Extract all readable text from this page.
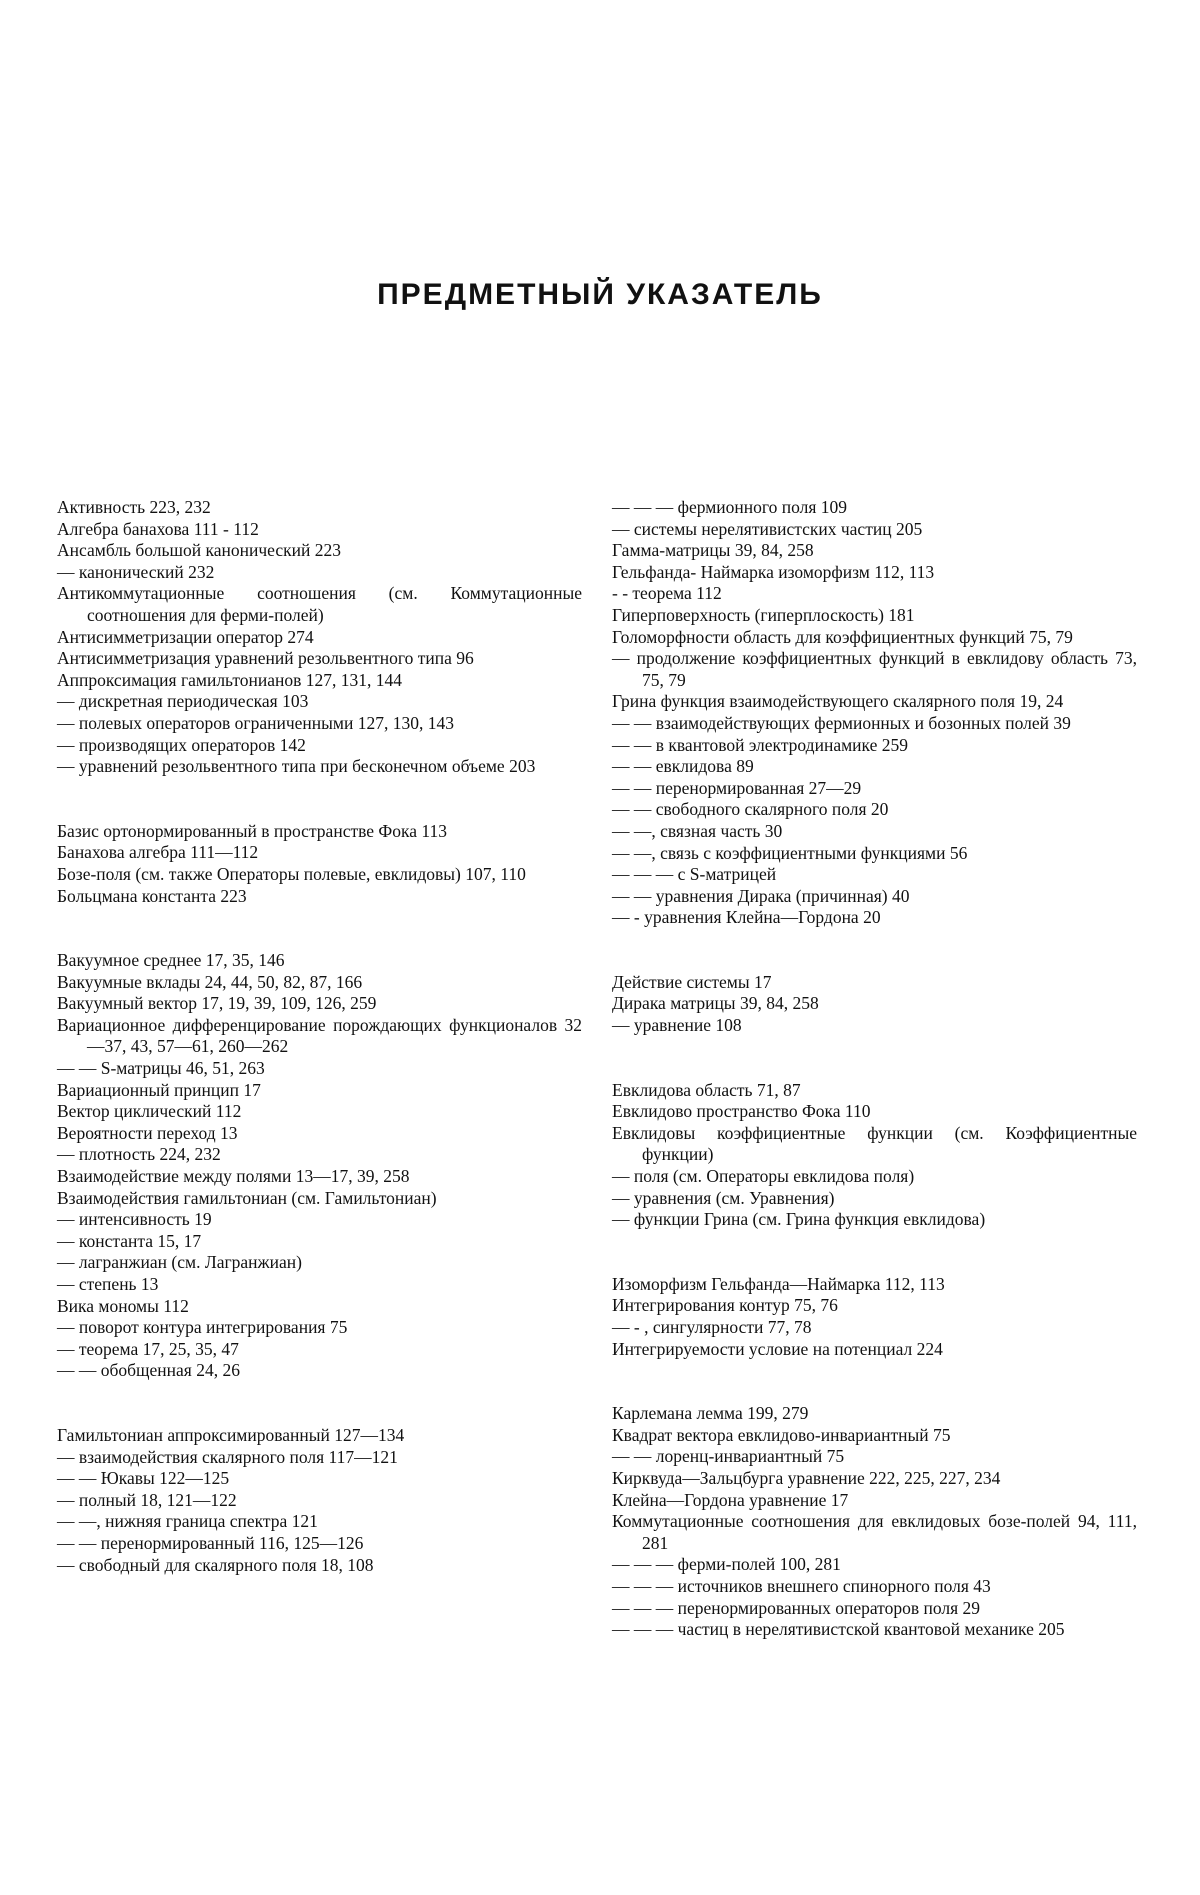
ПРЕДМЕТНЫЙ УКАЗАТЕЛЬ

Активность 223, 232

Алгебра банахова 111 - 112

Ансамбль большой канонический 223

— канонический 232

Антикоммутационные соотношения (см. Коммутационные соотношения для ферми-полей)

Антисимметризации оператор 274

Антисимметризация уравнений резольвентного типа 96

Аппроксимация гамильтонианов 127, 131, 144

— дискретная периодическая 103

— полевых операторов ограниченными 127, 130, 143

— производящих операторов 142

— уравнений резольвентного типа при бесконечном объеме 203

Базис ортонормированный в пространстве Фока 113

Банахова алгебра 111—112

Бозе-поля (см. также Операторы полевые, евклидовы) 107, 110

Больцмана константа 223

Вакуумное среднее 17, 35, 146

Вакуумные вклады 24, 44, 50, 82, 87, 166

Вакуумный вектор 17, 19, 39, 109, 126, 259

Вариационное дифференцирование порождающих функционалов 32—37, 43, 57—61, 260—262

— — S-матрицы 46, 51, 263

Вариационный принцип 17

Вектор циклический 112

Вероятности переход 13

— плотность 224, 232

Взаимодействие между полями 13—17, 39, 258

Взаимодействия гамильтониан (см. Гамильтониан)

— интенсивность 19

— константа 15, 17

— лагранжиан (см. Лагранжиан)

— степень 13

Вика мономы 112

— поворот контура интегрирования 75

— теорема 17, 25, 35, 47

— — обобщенная 24, 26

Гамильтониан аппроксимированный 127—134

— взаимодействия скалярного поля 117—121

— — Юкавы 122—125

— полный 18, 121—122

— —, нижняя граница спектра 121

— — перенормированный 116, 125—126

— свободный для скалярного поля 18, 108

— — — фермионного поля 109

— системы нерелятивистских частиц 205

Гамма-матрицы 39, 84, 258

Гельфанда- Наймарка изоморфизм 112, 113

- - теорема 112

Гиперповерхность (гиперплоскость) 181

Голоморфности область для коэффициентных функций 75, 79

— продолжение коэффициентных функций в евклидову область 73, 75, 79

Грина функция взаимодействующего скалярного поля 19, 24

— — взаимодействующих фермионных и бозонных полей 39

— — в квантовой электродинамике 259

— — евклидова 89

— — перенормированная 27—29

— — свободного скалярного поля 20

— —, связная часть 30

— —, связь с коэффициентными функциями 56

— — — с S-матрицей

— — уравнения Дирака (причинная) 40

— - уравнения Клейна—Гордона 20

Действие системы 17

Дирака матрицы 39, 84, 258

— уравнение 108

Евклидова область 71, 87

Евклидово пространство Фока 110

Евклидовы коэффициентные функции (см. Коэффициентные функции)

— поля (см. Операторы евклидова поля)

— уравнения (см. Уравнения)

— функции Грина (см. Грина функция евклидова)

Изоморфизм Гельфанда—Наймарка 112, 113

Интегрирования контур 75, 76

— - , сингулярности 77, 78

Интегрируемости условие на потенциал 224

Карлемана лемма 199, 279

Квадрат вектора евклидово-инвариантный 75

— — лоренц-инвариантный 75

Кирквуда—Зальцбурга уравнение 222, 225, 227, 234

Клейна—Гордона уравнение 17

Коммутационные соотношения для евклидовых бозе-полей 94, 111, 281

— — — ферми-полей 100, 281

— — — источников внешнего спинорного поля 43

— — — перенормированных операторов поля 29

— — — частиц в нерелятивистской квантовой механике 205
